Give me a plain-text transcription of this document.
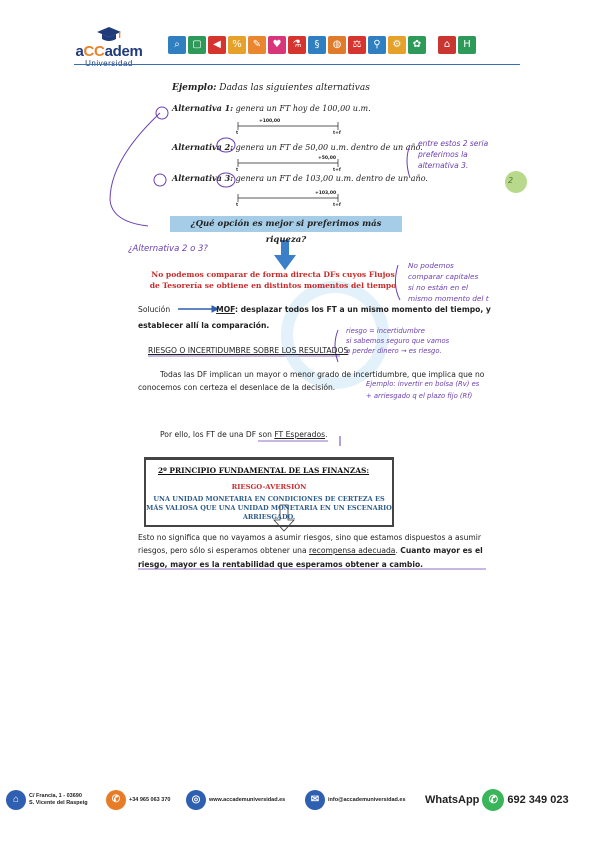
aCCadem	⌕	▢	◀	%	✎	♥	⚗	§	◍	⚖	⚲	⚙	✿	⌂	H
Ejemplo: Dadas las siguientes alternativas
Alternativa 1: genera un FT hoy de 100,00 u.m.
Alternativa 2: genera un FT de 50,00 u.m. dentro de un año.
Alternativa 3: genera un FT de 103,00 u.m. dentro de un año.
+100,00
t	t+f
+50,00
t	t+f
+103,00
t	t+f
¿Qué opción es mejor si preferimos más riqueza?
No podemos comparar de forma directa DFs cuyos Flujos de Tesorería se obtiene en distintos momentos del tiempo
Solución	MOF: desplazar todos los FT a un mismo momento del tiempo, y
establecer allí la comparación.
RIESGO O INCERTIDUMBRE SOBRE LOS RESULTADOS
Todas las DF implican un mayor o menor grado de incertidumbre, que implica que no
conocemos con certeza el desenlace de la decisión.
Por ello, los FT de una DF son FT Esperados.
2º PRINCIPIO FUNDAMENTAL DE LAS FINANZAS:
RIESGO-AVERSIÓN
UNA UNIDAD MONETARIA EN CONDICIONES DE CERTEZA ES MÁS VALIOSA QUE UNA UNIDAD MONETARIA EN UN ESCENARIO ARRIESGADO.
Esto no significa que no vayamos a asumir riesgos, sino que estamos dispuestos a asumir
riesgos, pero sólo si esperamos obtener una recompensa adecuada. Cuanto mayor es el
riesgo, mayor es la rentabilidad que esperamos obtener a cambio.
entre estos 2 seria
preferimos la
alternativa 3.
2
¿Alternativa 2 o 3?
No podemos
comparar capitales
si no están en el
mismo momento del t
riesgo = incertidumbre
si sabemos seguro que vamos
a perder dinero → es riesgo.
Ejemplo: invertir en bolsa (Rv) es
+ arriesgado q el plazo fijo (Rf)
⌂	C/ Francia, 1 - 03690
S. Vicente del Raspeig	✆	+34 965 063 370	◎	www.accademuniversidad.es	✉	info@accademuniversidad.es WhatsApp ✆ 692 349 023
